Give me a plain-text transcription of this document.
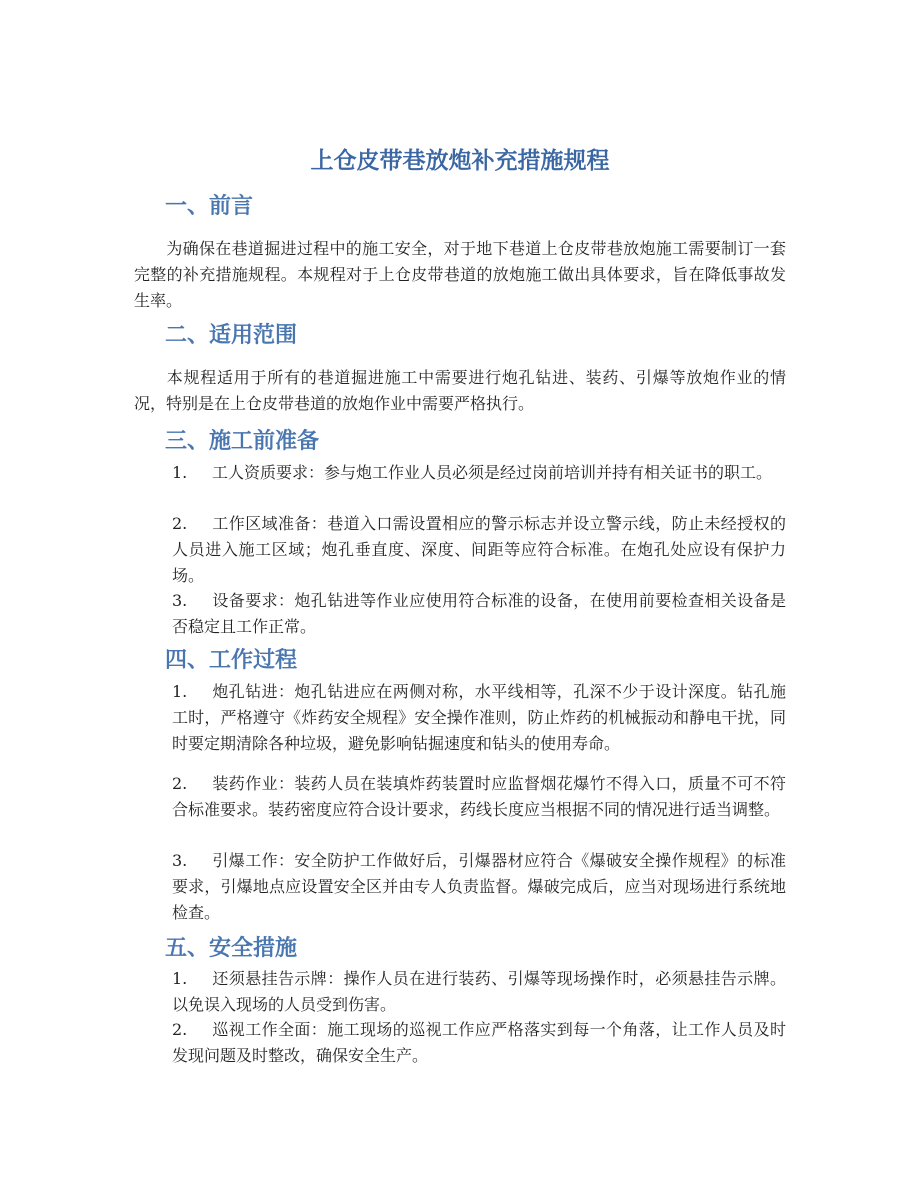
上仓皮带巷放炮补充措施规程
一、前言

为确保在巷道掘进过程中的施工安全，对于地下巷道上仓皮带巷放炮施工需要制订一套完整的补充措施规程。本规程对于上仓皮带巷道的放炮施工做出具体要求，旨在降低事故发生率。

二、适用范围

本规程适用于所有的巷道掘进施工中需要进行炮孔钻进、装药、引爆等放炮作业的情况，特别是在上仓皮带巷道的放炮作业中需要严格执行。

三、施工前准备

1. 工人资质要求：参与炮工作业人员必须是经过岗前培训并持有相关证书的职工。

2. 工作区域准备：巷道入口需设置相应的警示标志并设立警示线，防止未经授权的人员进入施工区域；炮孔垂直度、深度、间距等应符合标准。在炮孔处应设有保护力场。

3. 设备要求：炮孔钻进等作业应使用符合标准的设备，在使用前要检查相关设备是否稳定且工作正常。

四、工作过程

1. 炮孔钻进：炮孔钻进应在两侧对称，水平线相等，孔深不少于设计深度。钻孔施工时，严格遵守《炸药安全规程》安全操作准则，防止炸药的机械振动和静电干扰，同时要定期清除各种垃圾，避免影响钻掘速度和钻头的使用寿命。

2. 装药作业：装药人员在装填炸药装置时应监督烟花爆竹不得入口，质量不可不符合标准要求。装药密度应符合设计要求，药线长度应当根据不同的情况进行适当调整。

3. 引爆工作：安全防护工作做好后，引爆器材应符合《爆破安全操作规程》的标准要求，引爆地点应设置安全区并由专人负责监督。爆破完成后，应当对现场进行系统地检查。

五、安全措施

1. 还须悬挂告示牌：操作人员在进行装药、引爆等现场操作时，必须悬挂告示牌。以免误入现场的人员受到伤害。

2. 巡视工作全面：施工现场的巡视工作应严格落实到每一个角落，让工作人员及时发现问题及时整改，确保安全生产。
